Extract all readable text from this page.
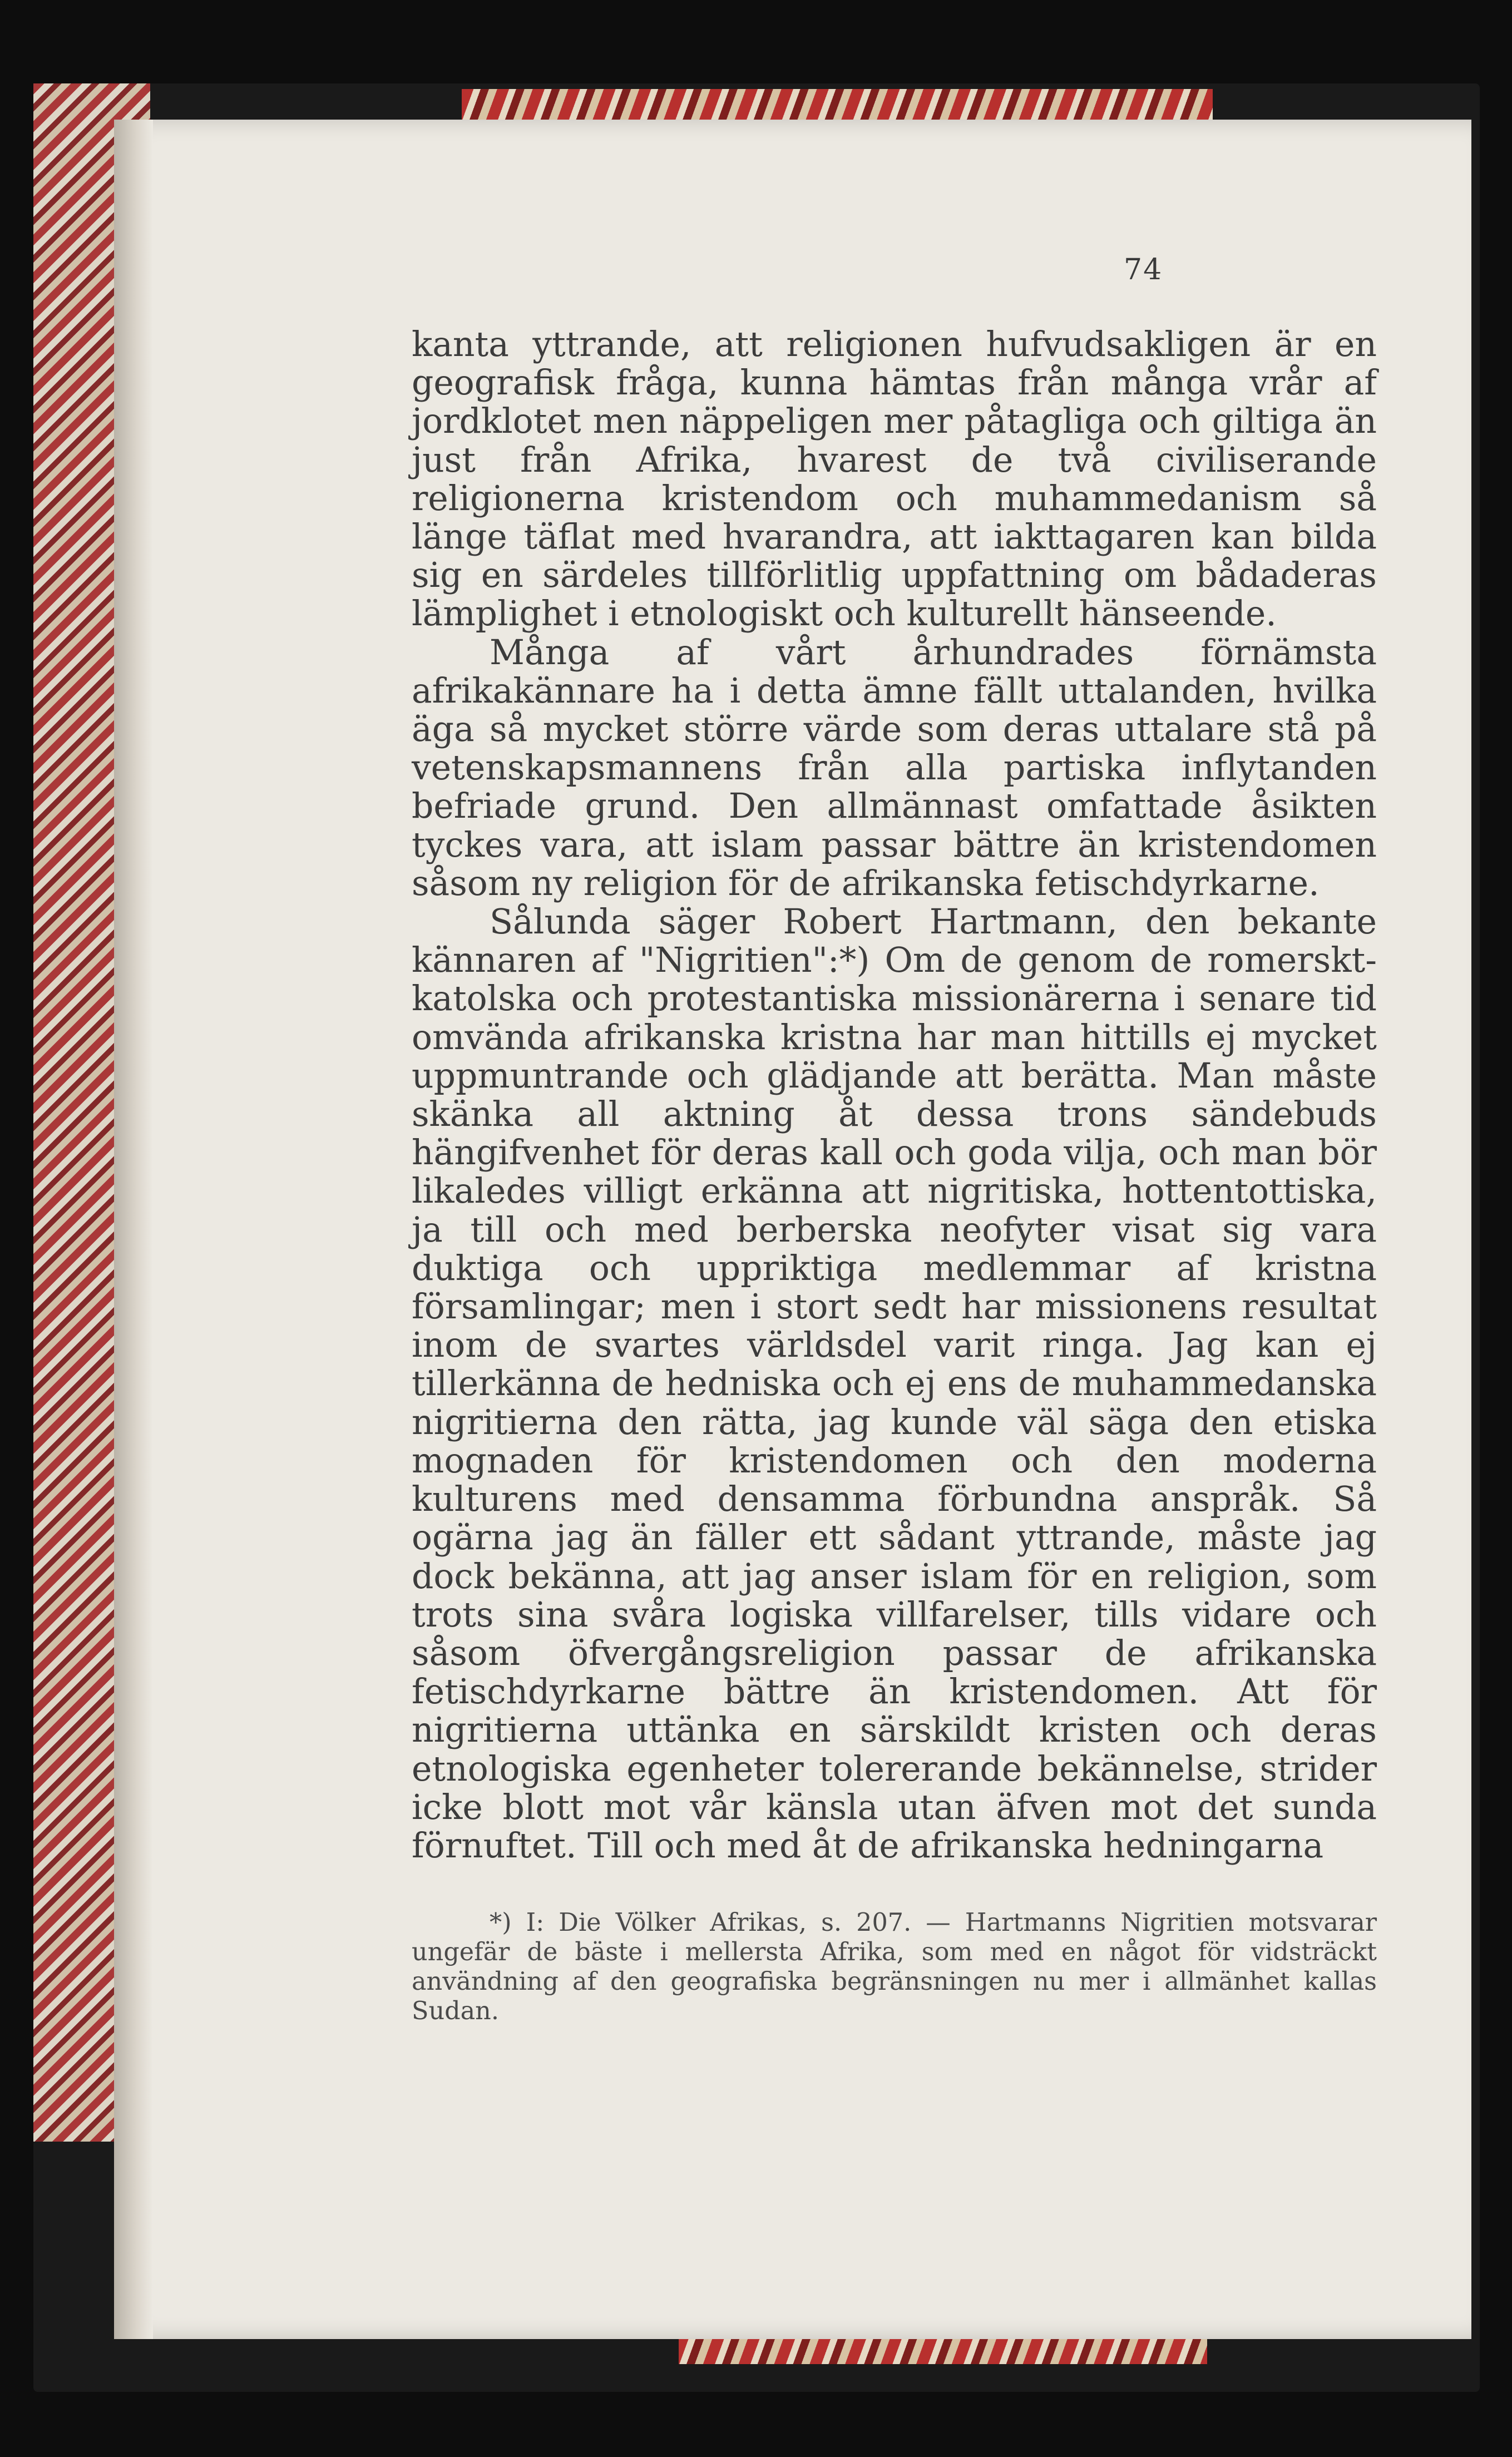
74

kanta yttrande, att religionen hufvudsakligen är en geografisk fråga, kunna hämtas från många vrår af jordklotet men näppeligen mer påtagliga och giltiga än just från Afrika, hvarest de två civiliserande religionerna kristendom och muhammedanism så länge täflat med hvarandra, att iakttagaren kan bilda sig en särdeles tillförlitlig uppfattning om bådaderas lämplighet i etnologiskt och kulturellt hänseende.

Många af vårt århundrades förnämsta afrikakännare ha i detta ämne fällt uttalanden, hvilka äga så mycket större värde som deras uttalare stå på vetenskapsmannens från alla partiska inflytanden befriade grund. Den allmännast omfattade åsikten tyckes vara, att islam passar bättre än kristendomen såsom ny religion för de afrikanska fetischdyrkarne.

Sålunda säger Robert Hartmann, den bekante kännaren af "Nigritien":*) Om de genom de romerskt-katolska och protestantiska missionärerna i senare tid omvända afrikanska kristna har man hittills ej mycket uppmuntrande och glädjande att berätta. Man måste skänka all aktning åt dessa trons sändebuds hängifvenhet för deras kall och goda vilja, och man bör likaledes villigt erkänna att nigritiska, hottentottiska, ja till och med berberska neofyter visat sig vara duktiga och uppriktiga medlemmar af kristna församlingar; men i stort sedt har missionens resultat inom de svartes världsdel varit ringa. Jag kan ej tillerkänna de hedniska och ej ens de muhammedanska nigritierna den rätta, jag kunde väl säga den etiska mognaden för kristendomen och den moderna kulturens med densamma förbundna anspråk. Så ogärna jag än fäller ett sådant yttrande, måste jag dock bekänna, att jag anser islam för en religion, som trots sina svåra logiska villfarelser, tills vidare och såsom öfvergångsreligion passar de afrikanska fetischdyrkarne bättre än kristendomen. Att för nigritierna uttänka en särskildt kristen och deras etnologiska egenheter tolererande bekännelse, strider icke blott mot vår känsla utan äfven mot det sunda förnuftet. Till och med åt de afrikanska hedningarna

*) I: Die Völker Afrikas, s. 207. — Hartmanns Nigritien motsvarar ungefär de bäste i mellersta Afrika, som med en något för vidsträckt användning af den geografiska begränsningen nu mer i allmänhet kallas Sudan.
